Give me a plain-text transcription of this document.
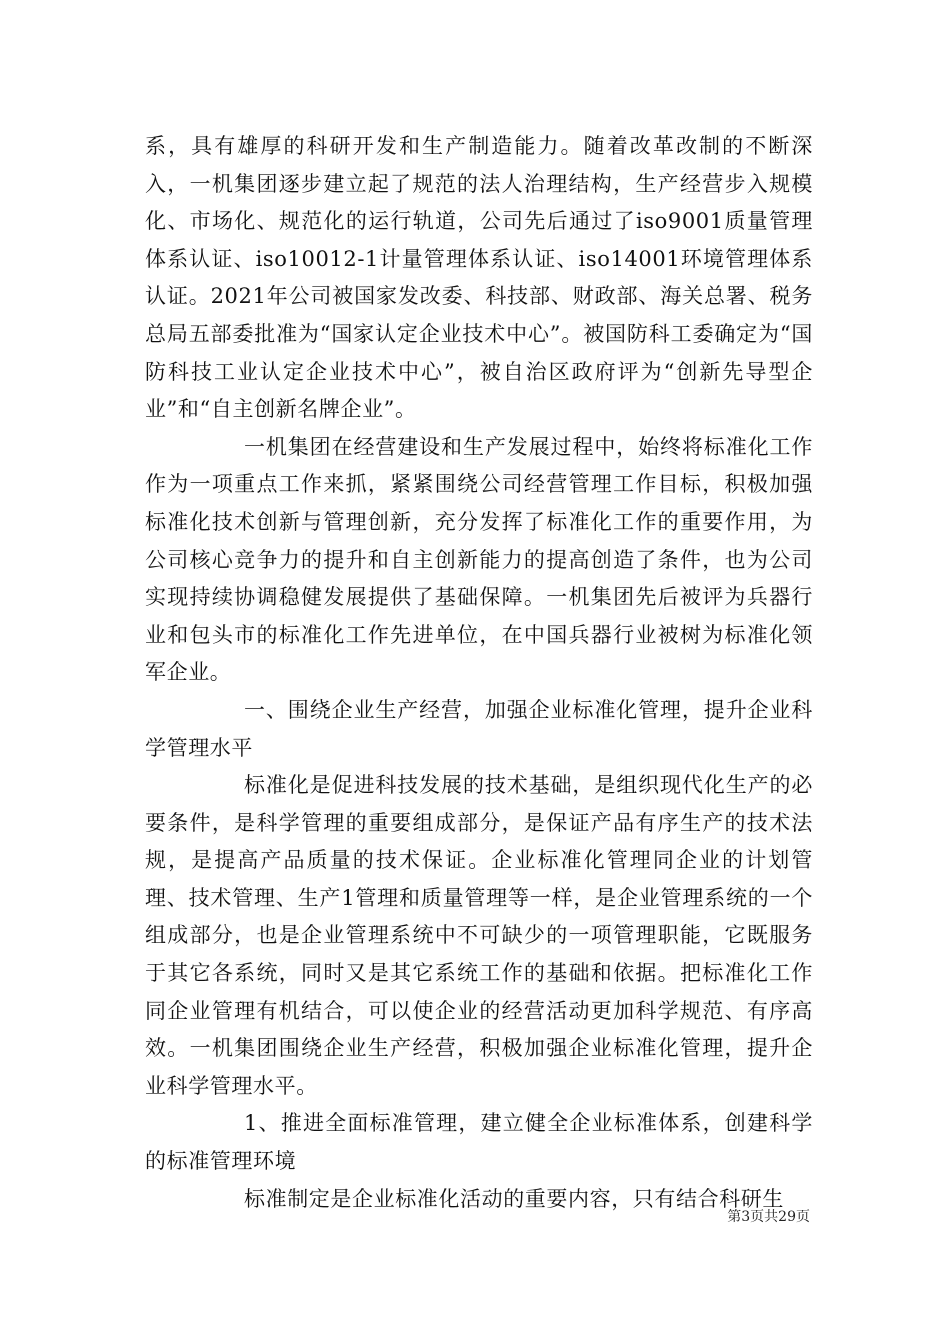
系，具有雄厚的科研开发和生产制造能力。随着改革改制的不断深入，一机集团逐步建立起了规范的法人治理结构，生产经营步入规模化、市场化、规范化的运行轨道，公司先后通过了iso9001质量管理体系认证、iso10012-1计量管理体系认证、iso14001环境管理体系认证。2021年公司被国家发改委、科技部、财政部、海关总署、税务总局五部委批准为“国家认定企业技术中心”。被国防科工委确定为“国防科技工业认定企业技术中心”，被自治区政府评为“创新先导型企业”和“自主创新名牌企业”。

一机集团在经营建设和生产发展过程中，始终将标准化工作作为一项重点工作来抓，紧紧围绕公司经营管理工作目标，积极加强标准化技术创新与管理创新，充分发挥了标准化工作的重要作用，为公司核心竞争力的提升和自主创新能力的提高创造了条件，也为公司实现持续协调稳健发展提供了基础保障。一机集团先后被评为兵器行业和包头市的标准化工作先进单位，在中国兵器行业被树为标准化领军企业。

一、围绕企业生产经营，加强企业标准化管理，提升企业科学管理水平

标准化是促进科技发展的技术基础，是组织现代化生产的必要条件，是科学管理的重要组成部分，是保证产品有序生产的技术法规，是提高产品质量的技术保证。企业标准化管理同企业的计划管理、技术管理、生产1管理和质量管理等一样，是企业管理系统的一个组成部分，也是企业管理系统中不可缺少的一项管理职能，它既服务于其它各系统，同时又是其它系统工作的基础和依据。把标准化工作同企业管理有机结合，可以使企业的经营活动更加科学规范、有序高效。一机集团围绕企业生产经营，积极加强企业标准化管理，提升企业科学管理水平。

1、推进全面标准管理，建立健全企业标准体系，创建科学的标准管理环境

标准制定是企业标准化活动的重要内容，只有结合科研生

第3页共29页
